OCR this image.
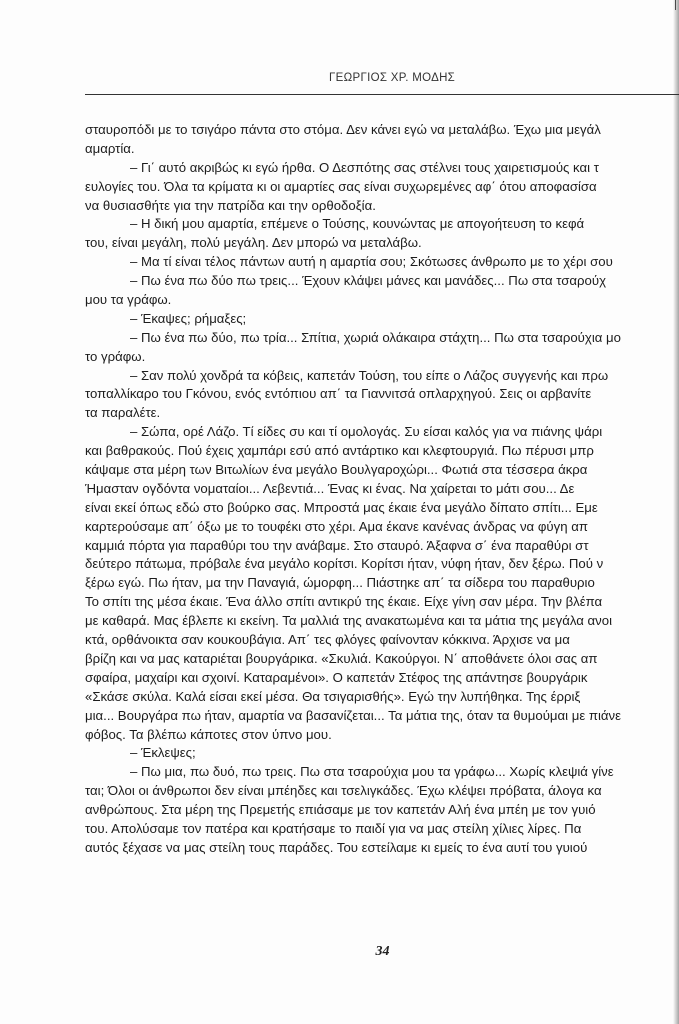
ΓΕΩΡΓΙΟΣ ΧΡ. ΜΟΔΗΣ
σταυροπόδι με το τσιγάρο πάντα στο στόμα. Δεν κάνει εγώ να μεταλάβω. Έχω μια μεγάλ
αμαρτία.
– Γι΄ αυτό ακριβώς κι εγώ ήρθα. Ο Δεσπότης σας στέλνει τους χαιρετισμούς και τ
ευλογίες του. Όλα τα κρίματα κι οι αμαρτίες σας είναι συχωρεμένες αφ΄ ότου αποφασίσα
να θυσιασθήτε για την πατρίδα και την ορθοδοξία.
– Η δική μου αμαρτία, επέμενε ο Τούσης, κουνώντας με απογοήτευση το κεφά
του, είναι μεγάλη, πολύ μεγάλη. Δεν μπορώ να μεταλάβω.
– Μα τί είναι τέλος πάντων αυτή η αμαρτία σου; Σκότωσες άνθρωπο με το χέρι σου
– Πω ένα πω δύο πω τρεις... Έχουν κλάψει μάνες και μανάδες... Πω στα τσαρούχ
μου τα γράφω.
– Έκαψες; ρήμαξες;
– Πω ένα πω δύο, πω τρία... Σπίτια, χωριά ολάκαιρα στάχτη... Πω στα τσαρούχια μο
το γράφω.
– Σαν πολύ χονδρά τα κόβεις, καπετάν Τούση, του είπε ο Λάζος συγγενής και πρω
τοπαλλίκαρο του Γκόνου, ενός εντόπιου απ΄ τα Γιαννιτσά οπλαρχηγού. Σεις οι αρβανίτε
τα παραλέτε.
– Σώπα, ορέ Λάζο. Τί είδες συ και τί ομολογάς. Συ είσαι καλός για να πιάνης ψάρι
και βαθρακούς. Πού έχεις χαμπάρι εσύ από αντάρτικο και κλεφτουργιά. Πω πέρυσι μπρ
κάψαμε στα μέρη των Βιτωλίων ένα μεγάλο Βουλγαροχώρι... Φωτιά στα τέσσερα άκρα
Ήμασταν ογδόντα νοματαίοι... Λεβεντιά... Ένας κι ένας. Να χαίρεται το μάτι σου... Δε
είναι εκεί όπως εδώ στο βούρκο σας. Μπροστά μας έκαιε ένα μεγάλο δίπατο σπίτι... Εμε
καρτερούσαμε απ΄ όξω με το τουφέκι στο χέρι. Αμα έκανε κανένας άνδρας να φύγη απ
καμμιά πόρτα για παραθύρι του την ανάβαμε. Στο σταυρό. Άξαφνα σ΄ ένα παραθύρι στ
δεύτερο πάτωμα, πρόβαλε ένα μεγάλο κορίτσι. Κορίτσι ήταν, νύφη ήταν, δεν ξέρω. Πού ν
ξέρω εγώ. Πω ήταν, μα την Παναγιά, ώμορφη... Πιάστηκε απ΄ τα σίδερα του παραθυριο
Το σπίτι της μέσα έκαιε. Ένα άλλο σπίτι αντικρύ της έκαιε. Είχε γίνη σαν μέρα. Την βλέπα
με καθαρά. Μας έβλεπε κι εκείνη. Τα μαλλιά της ανακατωμένα και τα μάτια της μεγάλα ανοι
κτά, ορθάνοικτα σαν κουκουβάγια. Απ΄ τες φλόγες φαίνονταν κόκκινα. Άρχισε να μα
βρίζη και να μας καταριέται βουργάρικα. «Σκυλιά. Κακούργοι. Ν΄ αποθάνετε όλοι σας απ
σφαίρα, μαχαίρι και σχοινί. Καταραμένοι». Ο καπετάν Στέφος της απάντησε βουργάρικ
«Σκάσε σκύλα. Καλά είσαι εκεί μέσα. Θα τσιγαρισθής». Εγώ την λυπήθηκα. Της έρριξ
μια... Βουργάρα πω ήταν, αμαρτία να βασανίζεται... Τα μάτια της, όταν τα θυμούμαι με πιάνε
φόβος. Τα βλέπω κάποτες στον ύπνο μου.
– Έκλεψες;
– Πω μια, πω δυό, πω τρεις. Πω στα τσαρούχια μου τα γράφω... Χωρίς κλεψιά γίνε
ται; Όλοι οι άνθρωποι δεν είναι μπέηδες και τσελιγκάδες. Έχω κλέψει πρόβατα, άλογα κα
ανθρώπους. Στα μέρη της Πρεμετής επιάσαμε με τον καπετάν Αλή ένα μπέη με τον γυιό
του. Απολύσαμε τον πατέρα και κρατήσαμε το παιδί για να μας στείλη χίλιες λίρες. Πα
αυτός ξέχασε να μας στείλη τους παράδες. Του εστείλαμε κι εμείς το ένα αυτί του γυιού
34
